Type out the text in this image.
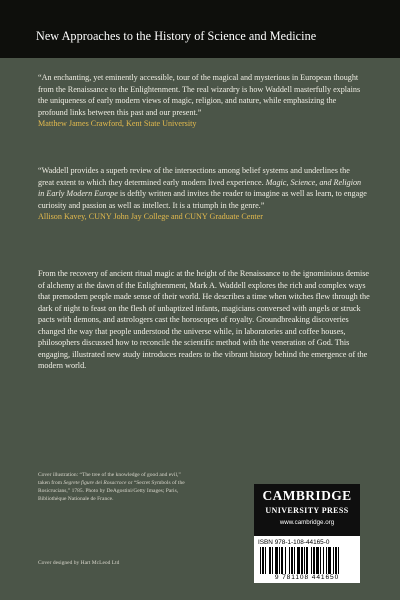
New Approaches to the History of Science and Medicine

“An enchanting, yet eminently accessible, tour of the magical and mysterious in European thought from the Renaissance to the Enlightenment. The real wizardry is how Waddell masterfully explains the uniqueness of early modern views of magic, religion, and nature, while emphasizing the profound links between this past and our present.”

Matthew James Crawford, Kent State University

“Waddell provides a superb review of the intersections among belief systems and underlines the great extent to which they determined early modern lived experience. Magic, Science, and Religion in Early Modern Europe is deftly written and invites the reader to imagine as well as learn, to engage curiosity and passion as well as intellect. It is a triumph in the genre.”

Allison Kavey, CUNY John Jay College and CUNY Graduate Center

From the recovery of ancient ritual magic at the height of the Renaissance to the ignominious demise of alchemy at the dawn of the Enlightenment, Mark A. Waddell explores the rich and complex ways that premodern people made sense of their world. He describes a time when witches flew through the dark of night to feast on the flesh of unbaptized infants, magicians conversed with angels or struck pacts with demons, and astrologers cast the horoscopes of royalty. Groundbreaking discoveries changed the way that people understood the universe while, in laboratories and coffee houses, philosophers discussed how to reconcile the scientific method with the veneration of God. This engaging, illustrated new study introduces readers to the vibrant history behind the emergence of the modern world.

Cover illustration: “The tree of the knowledge of good and evil,” taken from Segrete figure dei Rosacroce or “Secret Symbols of the Rosicrucians,” 1785. Photo by DeAgostini/Getty Images; Paris, Bibliothèque Nationale de France.
Cover designed by Hart McLeod Ltd
CAMBRIDGE
UNIVERSITY PRESS
www.cambridge.org
ISBN 978-1-108-44165-0
9 781108 441650
